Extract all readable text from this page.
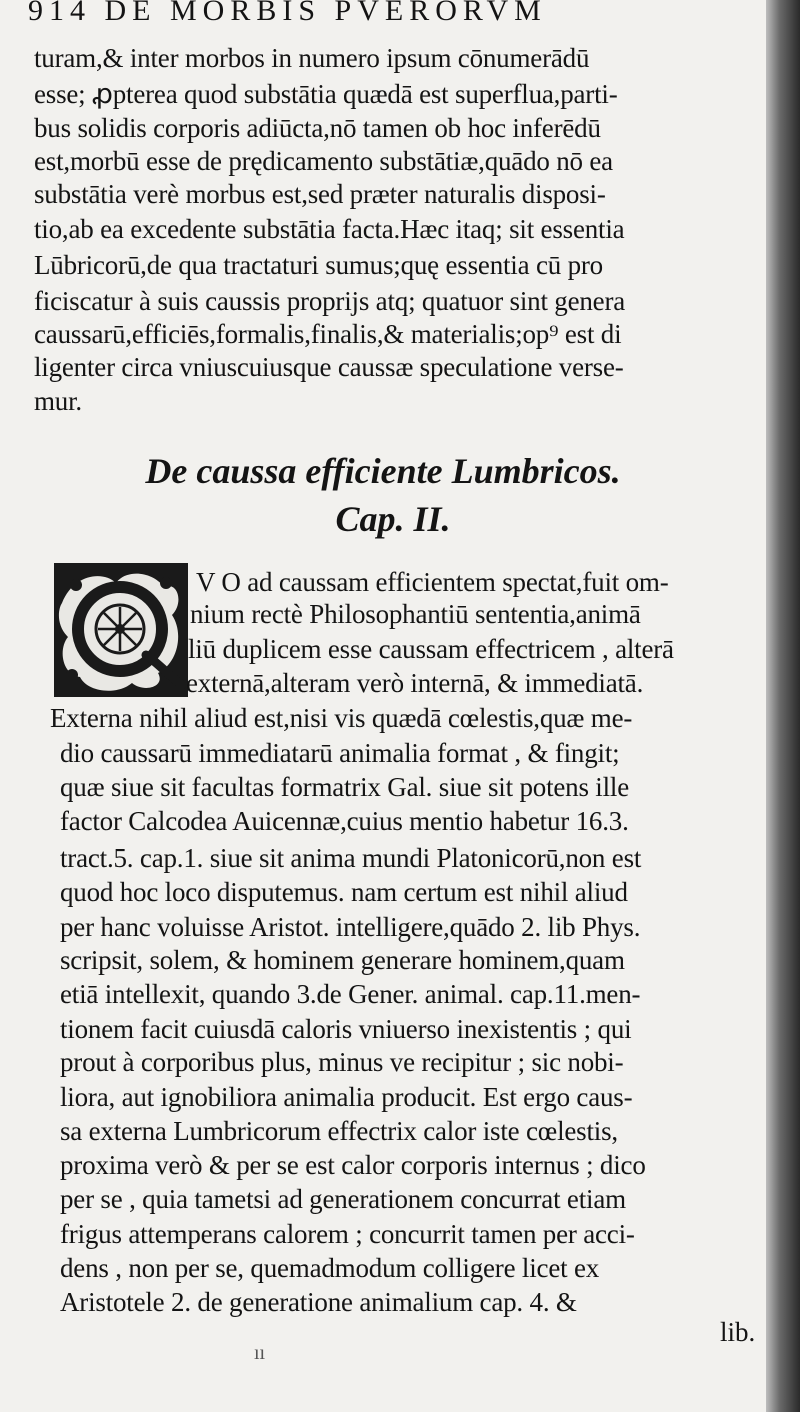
914 DE MORBIS PVERORVM

turam,& inter morbos in numero ipsum cōnumerādū

esse; ꝓpterea quod substātia quædā est superflua,parti-

bus solidis corporis adiūcta,nō tamen ob hoc inferēdū

est,morbū esse de prędicamento substātiæ,quādo nō ea

substātia verè morbus est,sed præter naturalis disposi-

tio,ab ea excedente substātia facta.Hæc itaq; sit essentia

Lūbricorū,de qua tractaturi sumus;quę essentia cū pro

ficiscatur à suis caussis proprijs atq; quatuor sint genera

caussarū,efficiēs,formalis,finalis,& materialis;op⁹ est di

ligenter circa vniuscuiusque caussæ speculatione verse-

mur.

De caussa efficiente Lumbricos.
Cap. II.

V O ad caussam efficientem spectat,fuit om-

nium rectè Philosophantiū sententia,animā

liū duplicem esse caussam effectricem , alterā

externā,alteram verò internā, & immediatā.

Externa nihil aliud est,nisi vis quædā cœlestis,quæ me-

dio caussarū immediatarū animalia format , & fingit;

quæ siue sit facultas formatrix Gal. siue sit potens ille

factor Calcodea Auicennæ,cuius mentio habetur 16.3.

tract.5. cap.1. siue sit anima mundi Platonicorū,non est

quod hoc loco disputemus. nam certum est nihil aliud

per hanc voluisse Aristot. intelligere,quādo 2. lib Phys.

scripsit, solem, & hominem generare hominem,quam

etiā intellexit, quando 3.de Gener. animal. cap.11.men-

tionem facit cuiusdā caloris vniuerso inexistentis ; qui

prout à corporibus plus, minus ve recipitur ; sic nobi-

liora, aut ignobiliora animalia producit. Est ergo caus-

sa externa Lumbricorum effectrix calor iste cœlestis,

proxima verò & per se est calor corporis internus ; dico

per se , quia tametsi ad generationem concurrat etiam

frigus attemperans calorem ; concurrit tamen per acci-

dens , non per se, quemadmodum colligere licet ex

Aristotele 2. de generatione animalium cap. 4. &

lib.
ıı
